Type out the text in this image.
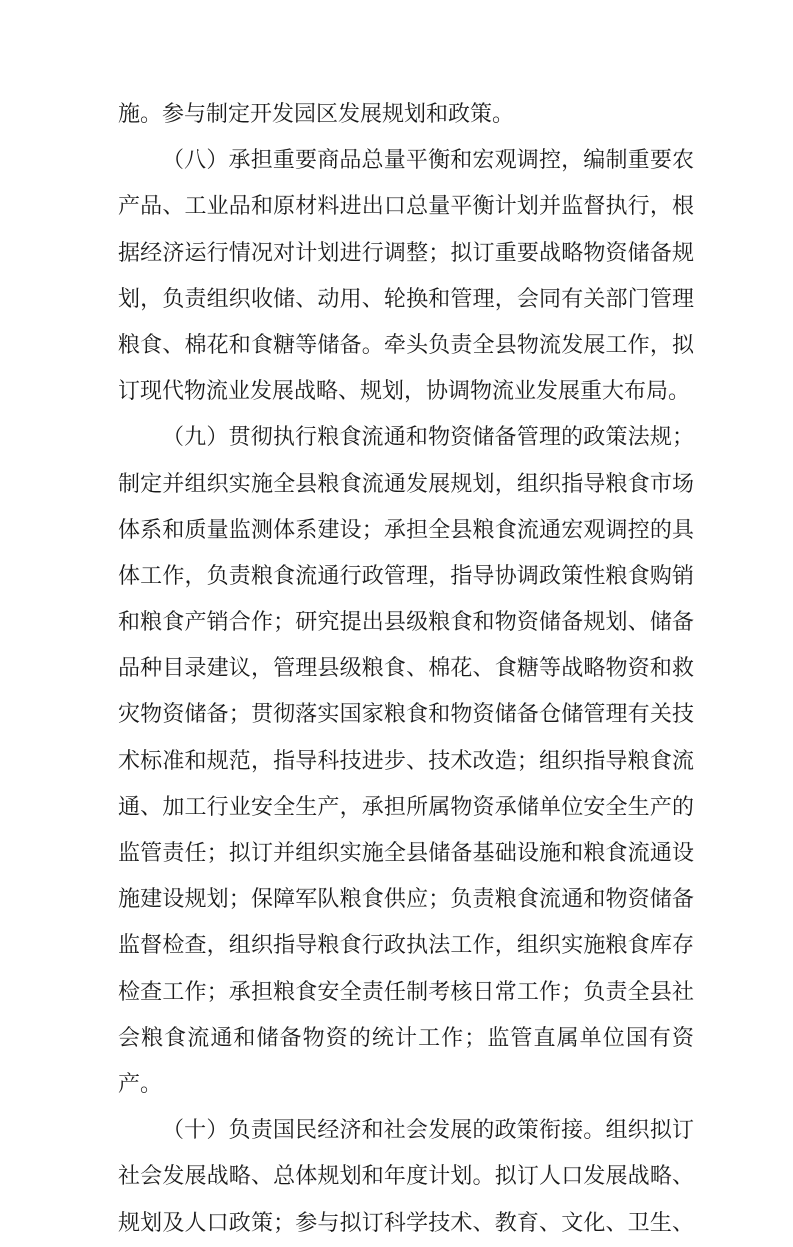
施。参与制定开发园区发展规划和政策。
（八）承担重要商品总量平衡和宏观调控，编制重要农
产品、工业品和原材料进出口总量平衡计划并监督执行，根
据经济运行情况对计划进行调整；拟订重要战略物资储备规
划，负责组织收储、动用、轮换和管理，会同有关部门管理
粮食、棉花和食糖等储备。牵头负责全县物流发展工作，拟
订现代物流业发展战略、规划，协调物流业发展重大布局。
（九）贯彻执行粮食流通和物资储备管理的政策法规；
制定并组织实施全县粮食流通发展规划，组织指导粮食市场
体系和质量监测体系建设；承担全县粮食流通宏观调控的具
体工作，负责粮食流通行政管理，指导协调政策性粮食购销
和粮食产销合作；研究提出县级粮食和物资储备规划、储备
品种目录建议，管理县级粮食、棉花、食糖等战略物资和救
灾物资储备；贯彻落实国家粮食和物资储备仓储管理有关技
术标准和规范，指导科技进步、技术改造；组织指导粮食流
通、加工行业安全生产，承担所属物资承储单位安全生产的
监管责任；拟订并组织实施全县储备基础设施和粮食流通设
施建设规划；保障军队粮食供应；负责粮食流通和物资储备
监督检查，组织指导粮食行政执法工作，组织实施粮食库存
检查工作；承担粮食安全责任制考核日常工作；负责全县社
会粮食流通和储备物资的统计工作；监管直属单位国有资
产。
（十）负责国民经济和社会发展的政策衔接。组织拟订
社会发展战略、总体规划和年度计划。拟订人口发展战略、
规划及人口政策；参与拟订科学技术、教育、文化、卫生、
